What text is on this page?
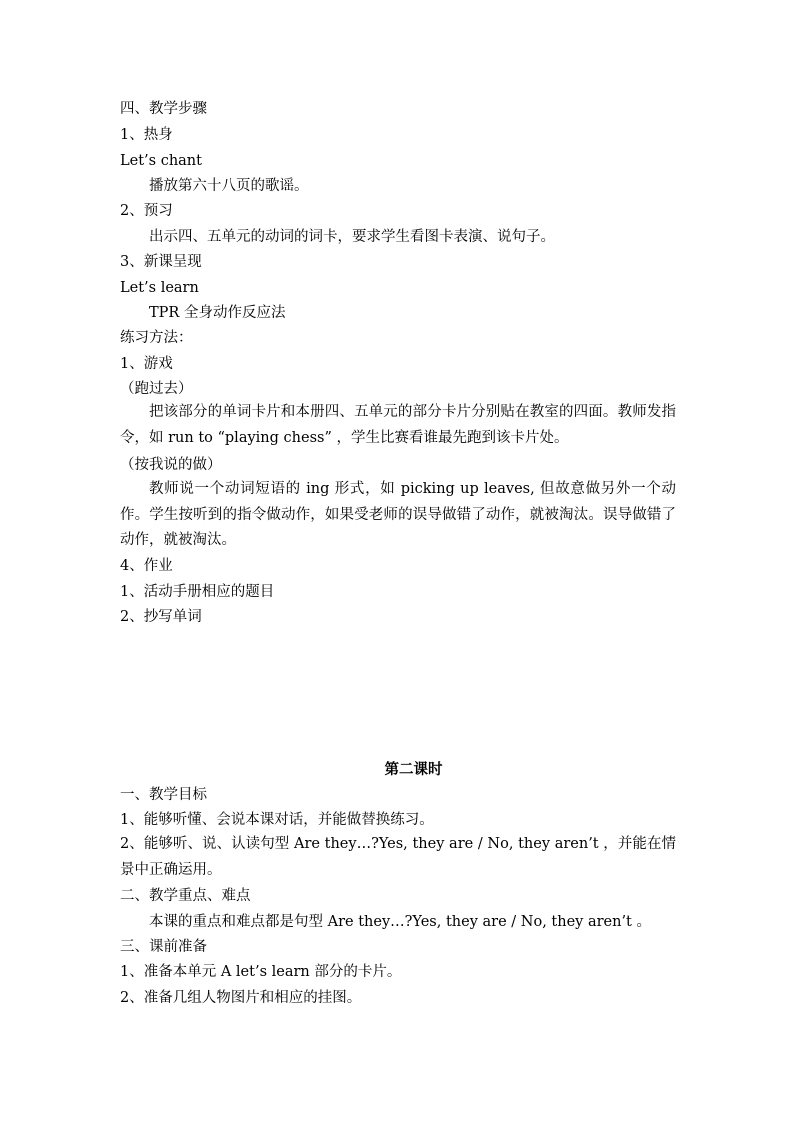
四、教学步骤
1、热身
Let’s chant
播放第六十八页的歌谣。
2、预习
出示四、五单元的动词的词卡，要求学生看图卡表演、说句子。
3、新课呈现
Let’s learn
TPR 全身动作反应法
练习方法：
1、游戏
（跑过去）
把该部分的单词卡片和本册四、五单元的部分卡片分别贴在教室的四面。教师发指令，如 run to “playing chess” ，学生比赛看谁最先跑到该卡片处。
（按我说的做）
教师说一个动词短语的 ing 形式，如 picking up leaves, 但故意做另外一个动作。学生按听到的指令做动作，如果受老师的误导做错了动作，就被淘汰。误导做错了动作，就被淘汰。
4、作业
1、活动手册相应的题目
2、抄写单词
第二课时
一、教学目标
1、能够听懂、会说本课对话，并能做替换练习。
2、能够听、说、认读句型 Are they…?Yes, they are / No, they aren’t ，并能在情景中正确运用。
二、教学重点、难点
本课的重点和难点都是句型 Are they…?Yes, they are / No, they aren’t 。
三、课前准备
1、准备本单元 A let’s learn 部分的卡片。
2、准备几组人物图片和相应的挂图。
